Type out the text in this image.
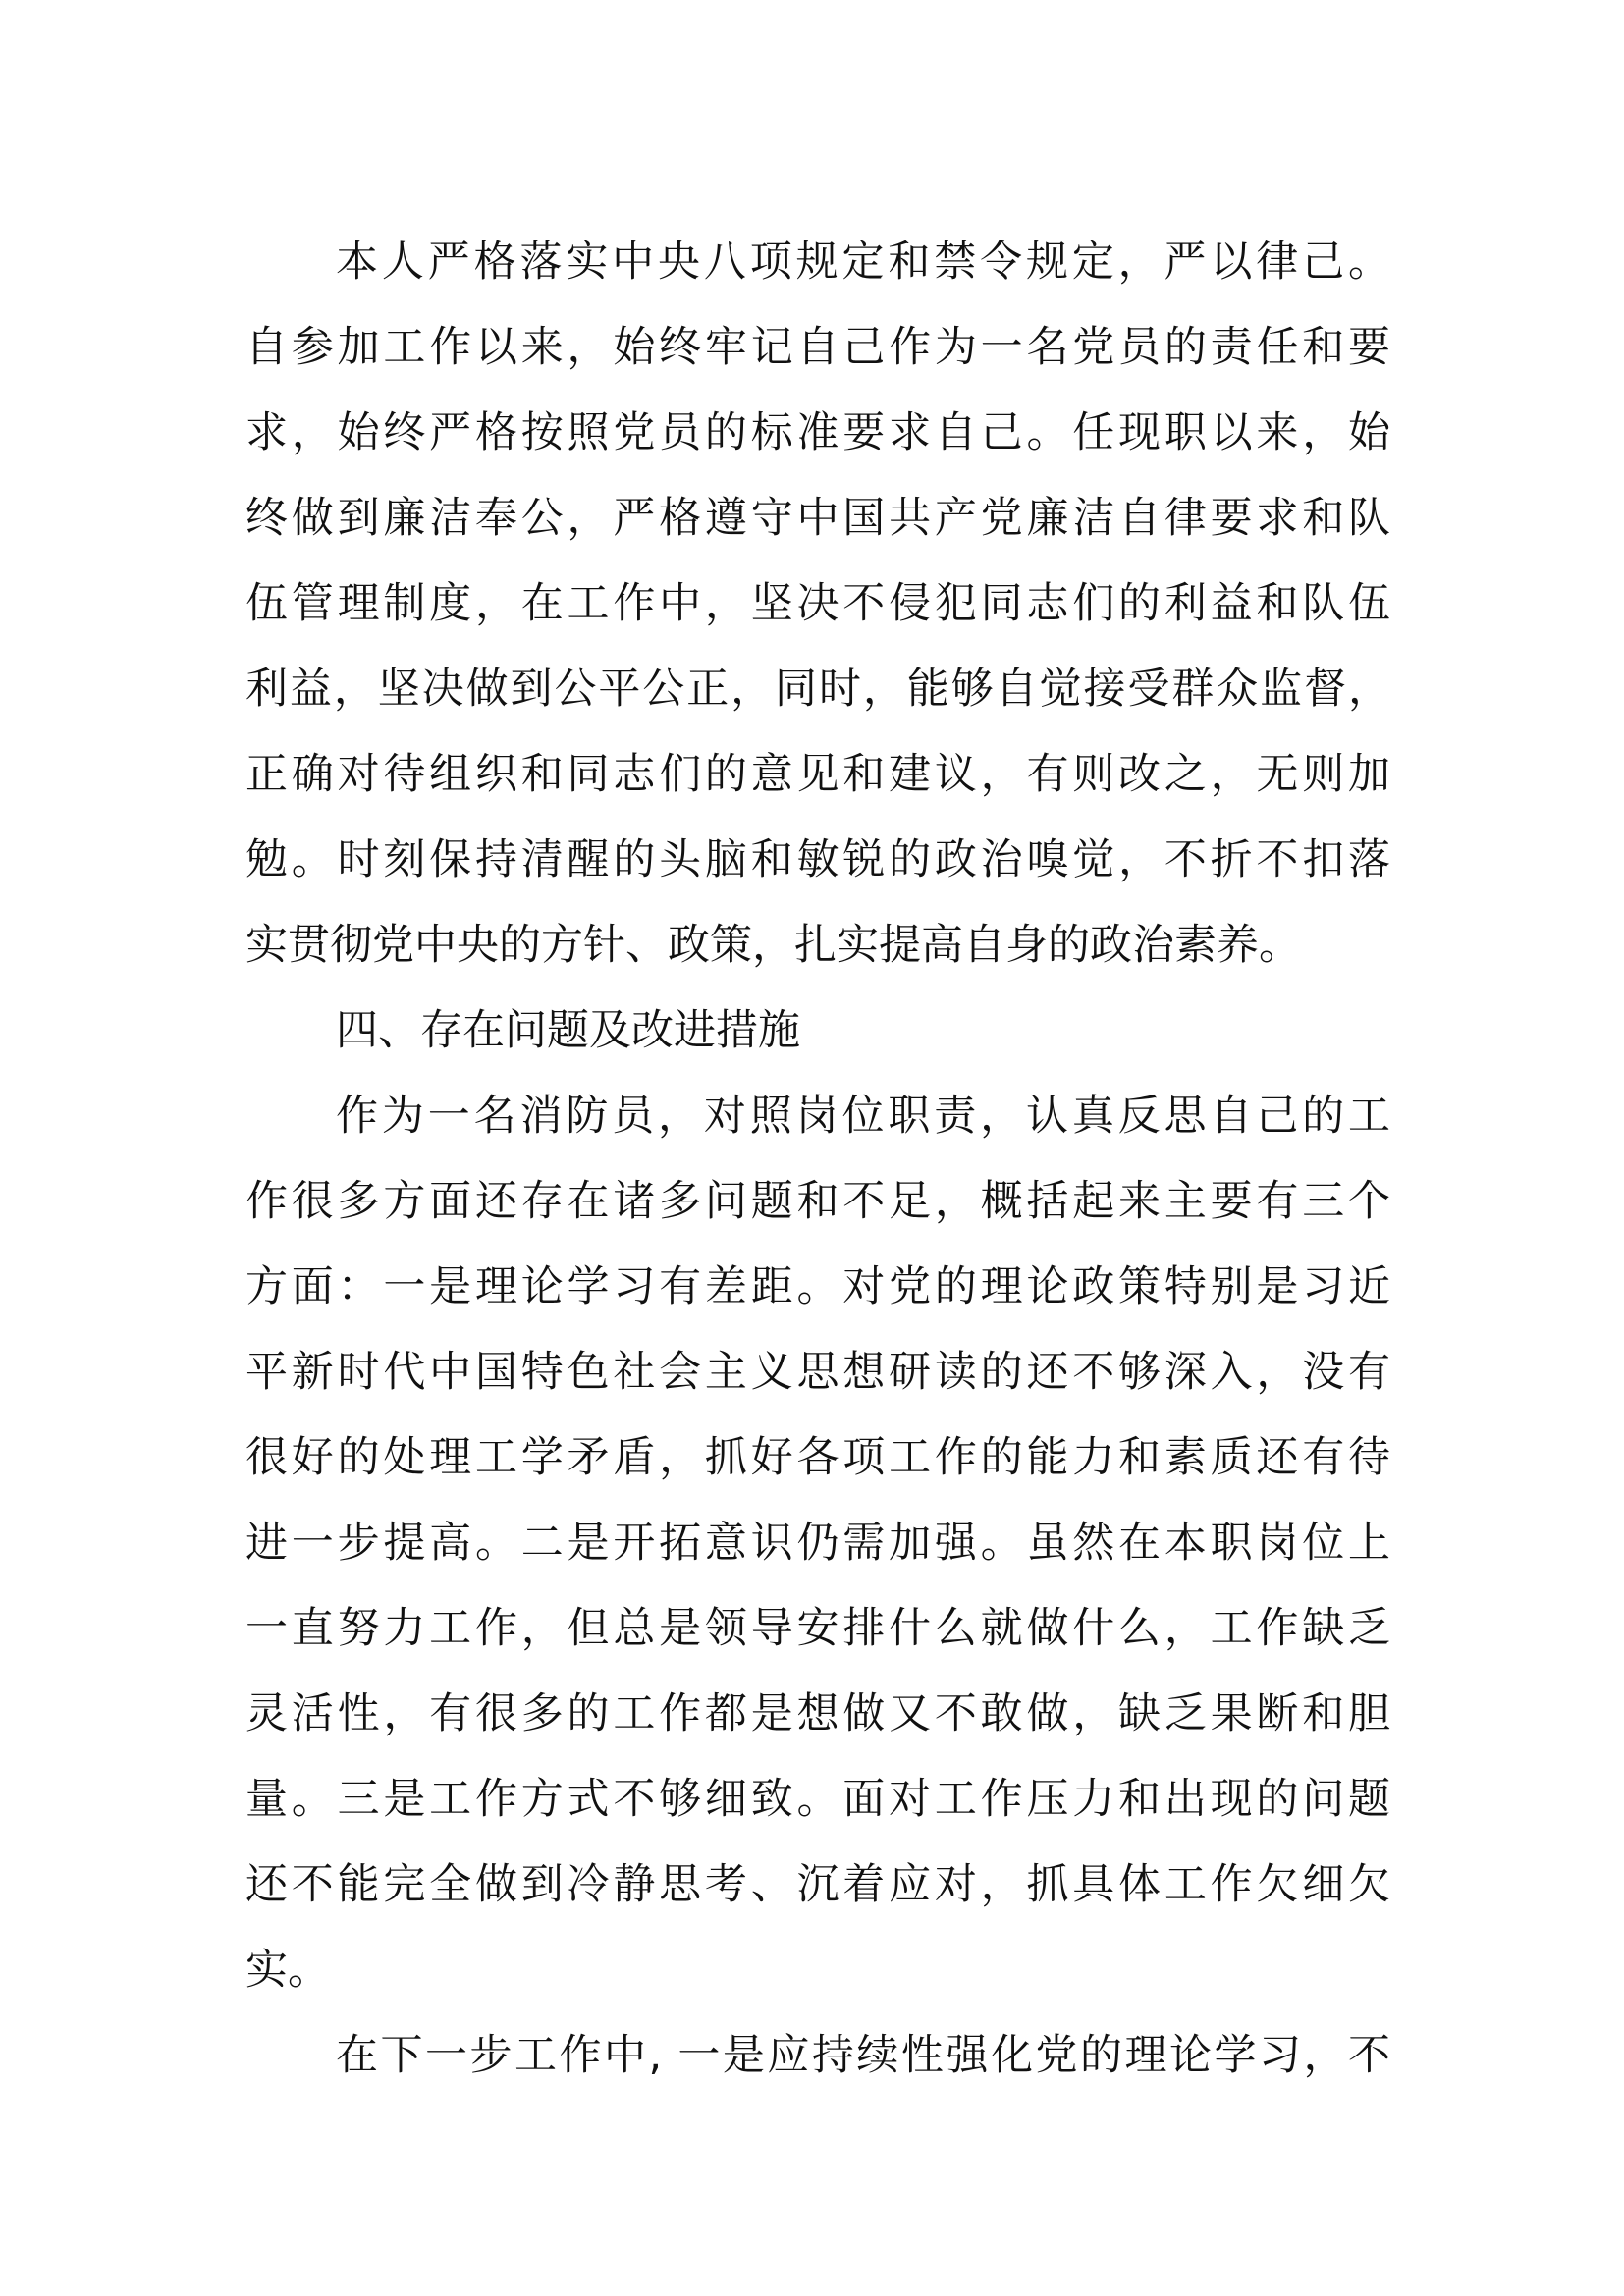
本人严格落实中央八项规定和禁令规定，严以律己。
自参加工作以来，始终牢记自己作为一名党员的责任和要
求，始终严格按照党员的标准要求自己。任现职以来，始
终做到廉洁奉公，严格遵守中国共产党廉洁自律要求和队
伍管理制度，在工作中，坚决不侵犯同志们的利益和队伍
利益，坚决做到公平公正，同时，能够自觉接受群众监督，
正确对待组织和同志们的意见和建议，有则改之，无则加
勉。时刻保持清醒的头脑和敏锐的政治嗅觉，不折不扣落
实贯彻党中央的方针、政策，扎实提高自身的政治素养。
四、存在问题及改进措施
作为一名消防员，对照岗位职责，认真反思自己的工
作很多方面还存在诸多问题和不足，概括起来主要有三个
方面：一是理论学习有差距。对党的理论政策特别是习近
平新时代中国特色社会主义思想研读的还不够深入，没有
很好的处理工学矛盾，抓好各项工作的能力和素质还有待
进一步提高。二是开拓意识仍需加强。虽然在本职岗位上
一直努力工作，但总是领导安排什么就做什么，工作缺乏
灵活性，有很多的工作都是想做又不敢做，缺乏果断和胆
量。三是工作方式不够细致。面对工作压力和出现的问题
还不能完全做到冷静思考、沉着应对，抓具体工作欠细欠
实。
在下一步工作中, 一是应持续性强化党的理论学习，不
